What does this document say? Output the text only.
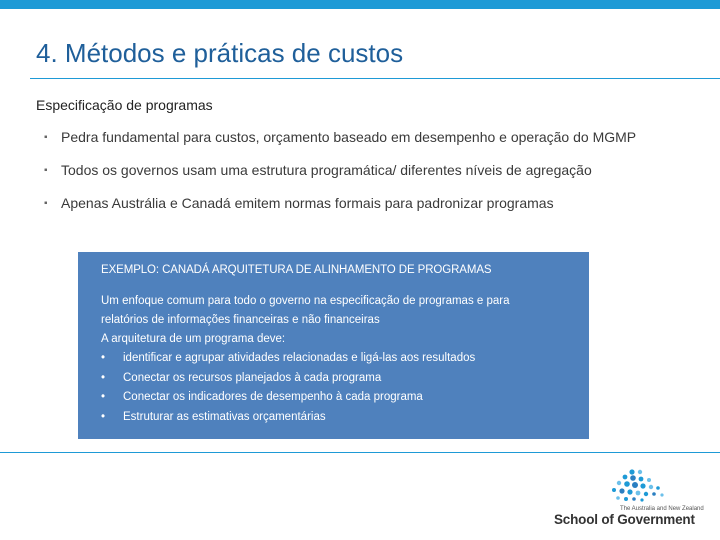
4. Métodos e práticas de custos
Especificação de programas
▪ Pedra fundamental para custos, orçamento baseado em desempenho e operação do MGMP
▪ Todos os governos usam uma estrutura programática/ diferentes níveis de agregação
▪ Apenas Austrália e Canadá emitem normas formais para padronizar programas
EXEMPLO: CANADÁ ARQUITETURA DE ALINHAMENTO DE PROGRAMAS
Um enfoque comum para todo o governo na especificação de programas e para
relatórios de informações financeiras e não financeiras
A arquitetura de um programa deve:
• identificar e agrupar atividades relacionadas e ligá-las aos resultados
• Conectar os recursos planejados à cada programa
• Conectar os indicadores de desempenho à cada programa
• Estruturar as estimativas orçamentárias
The Australia and New Zealand
School of Government
